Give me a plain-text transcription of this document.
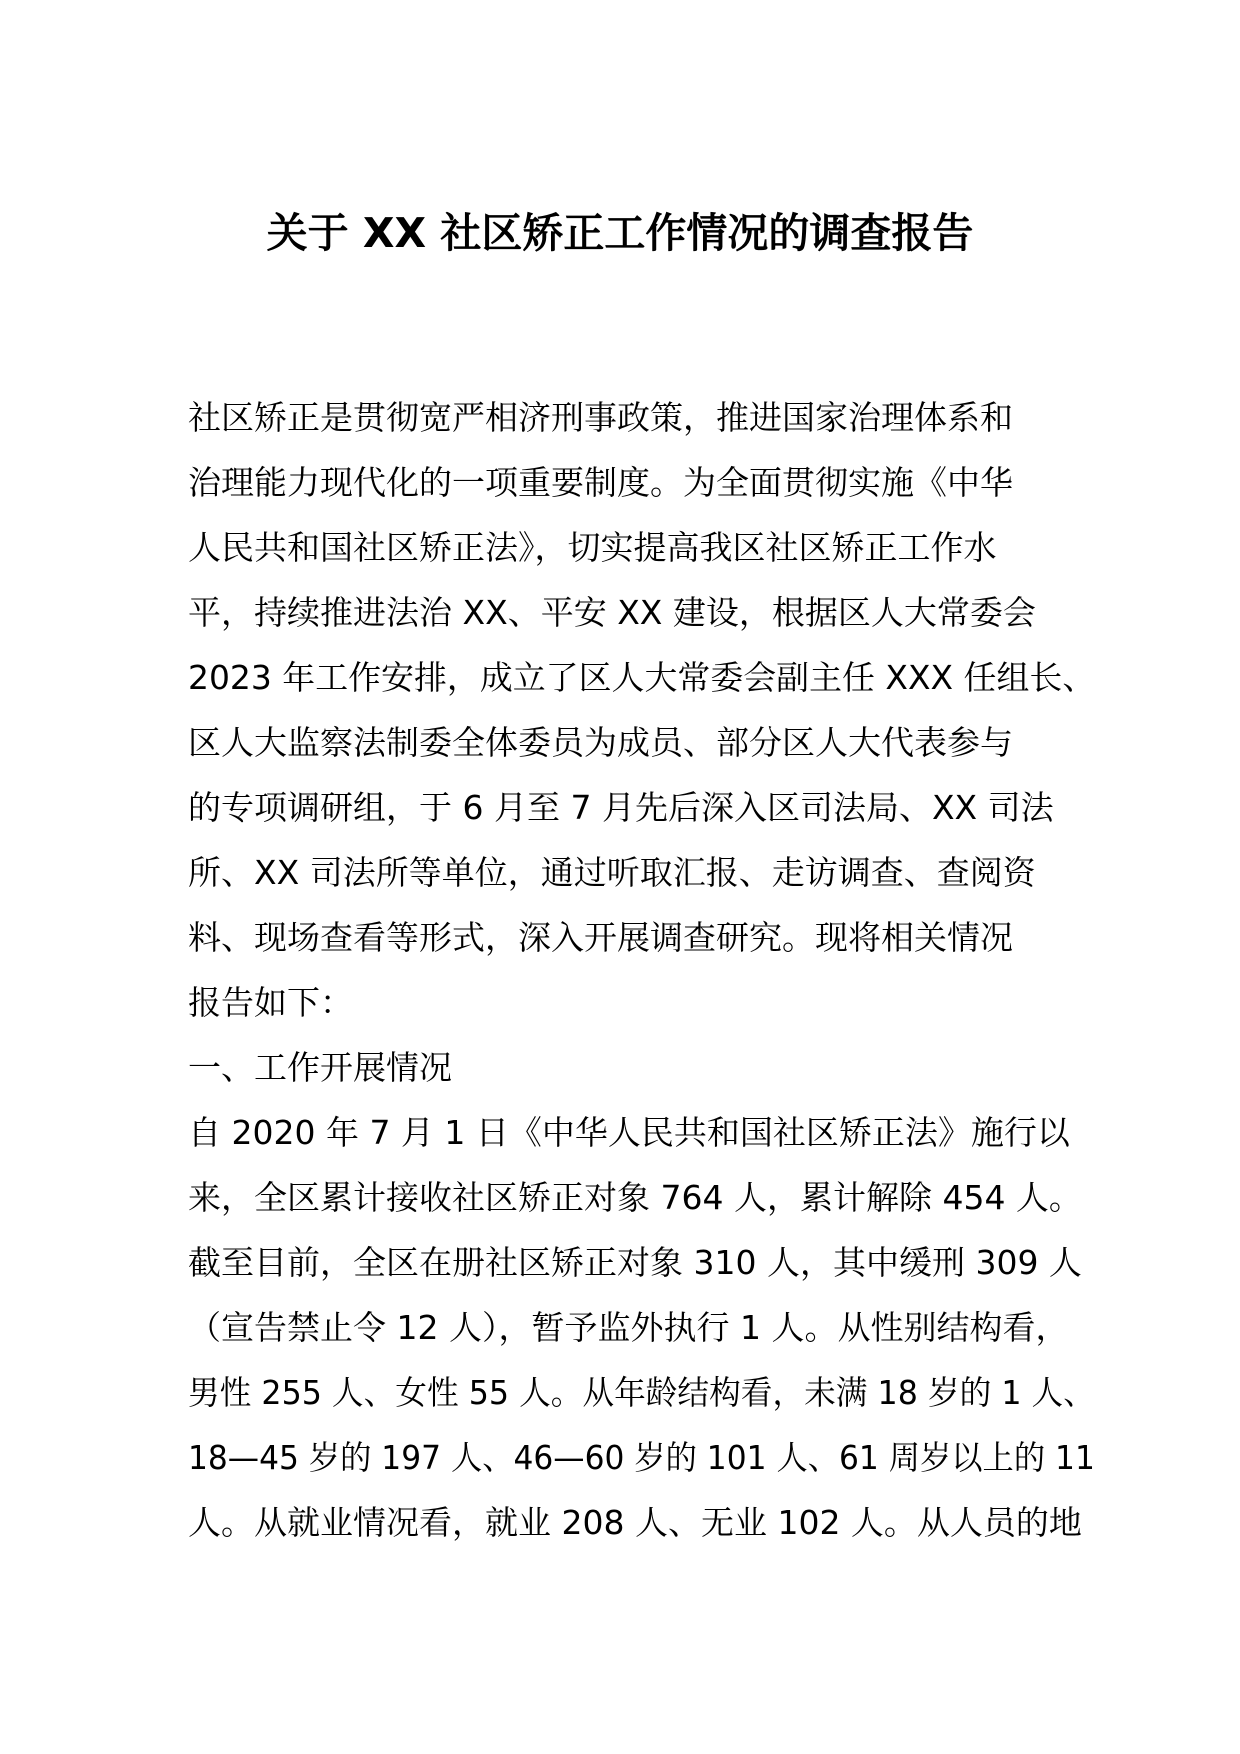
关于 XX 社区矫正工作情况的调查报告
社区矫正是贯彻宽严相济刑事政策，推进国家治理体系和
治理能力现代化的一项重要制度。为全面贯彻实施《中华
人民共和国社区矫正法》，切实提高我区社区矫正工作水
平，持续推进法治 XX、平安 XX 建设，根据区人大常委会
2023 年工作安排，成立了区人大常委会副主任 XXX 任组长、
区人大监察法制委全体委员为成员、部分区人大代表参与
的专项调研组，于 6 月至 7 月先后深入区司法局、XX 司法
所、XX 司法所等单位，通过听取汇报、走访调查、查阅资
料、现场查看等形式，深入开展调查研究。现将相关情况
报告如下：
一、工作开展情况
自 2020 年 7 月 1 日《中华人民共和国社区矫正法》施行以
来，全区累计接收社区矫正对象 764 人，累计解除 454 人。
截至目前，全区在册社区矫正对象 310 人，其中缓刑 309 人
（宣告禁止令 12 人），暂予监外执行 1 人。从性别结构看，
男性 255 人、女性 55 人。从年龄结构看，未满 18 岁的 1 人、
18—45 岁的 197 人、46—60 岁的 101 人、61 周岁以上的 11
人。从就业情况看，就业 208 人、无业 102 人。从人员的地
